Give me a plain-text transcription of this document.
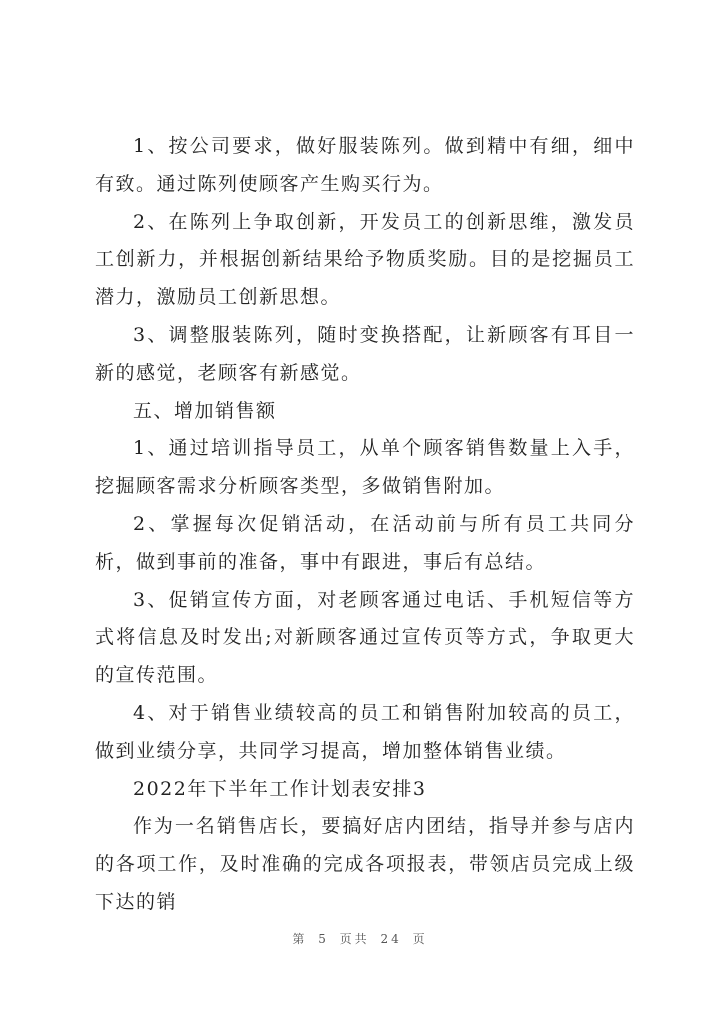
1、按公司要求，做好服装陈列。做到精中有细，细中有致。通过陈列使顾客产生购买行为。

2、在陈列上争取创新，开发员工的创新思维，激发员工创新力，并根据创新结果给予物质奖励。目的是挖掘员工潜力，激励员工创新思想。

3、调整服装陈列，随时变换搭配，让新顾客有耳目一新的感觉，老顾客有新感觉。

五、增加销售额

1、通过培训指导员工，从单个顾客销售数量上入手，挖掘顾客需求分析顾客类型，多做销售附加。

2、掌握每次促销活动，在活动前与所有员工共同分析，做到事前的准备，事中有跟进，事后有总结。

3、促销宣传方面，对老顾客通过电话、手机短信等方式将信息及时发出;对新顾客通过宣传页等方式，争取更大的宣传范围。

4、对于销售业绩较高的员工和销售附加较高的员工，做到业绩分享，共同学习提高，增加整体销售业绩。

2022年下半年工作计划表安排3

作为一名销售店长，要搞好店内团结，指导并参与店内的各项工作，及时准确的完成各项报表，带领店员完成上级下达的销

第 5 页共 24 页
